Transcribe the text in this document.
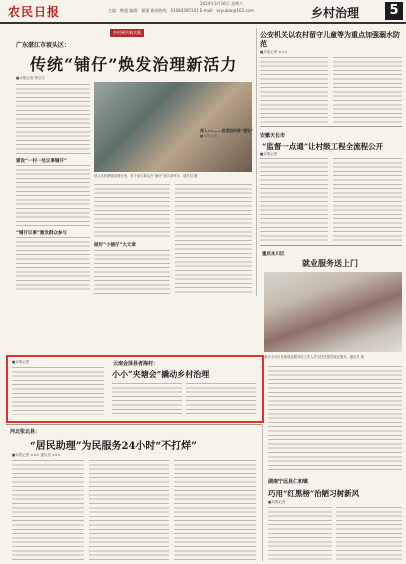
农民日报
2024年3月16日 星期六
主编：靳越 编辑：冀强 新闻热线：01084395141 E-mail：xcyukiw@163.com	乡村治理	5
乡村善治新实践
广东湛江市坡头区：
传统“铺仔”焕发治理新活力
■本报记者 钟启宏
坡头区乾塘镇某铺仔里，村干部与群众在“铺仔”里共商村务。通讯员 摄
建设“一村一处议事铺仔”
“铺仔议事”激发群众参与
做好“小铺仔”大文章
公安机关以农村留守儿童等为重点加强溺水防范
■本报记者 ×××
深入××——县委组织部“建设”
■本报记者	安徽天长市
“监督一点通”让村级工程全流程公开
■本报记者
重庆永川区
就业服务送上门
重庆永川区某镇就业服务站工作人员为村民提供就业服务。通讯员 摄
云南会泽县者海村：
小小“夹塘会”撬动乡村治理
■本报记者
河北张北县：
“居民助理”为民服务24小时“不打烊”
■本报记者 ××× 通讯员 ×××
湖南宁远县仁和镇
巧用“红黑榜”治陋习树新风
■本报记者
